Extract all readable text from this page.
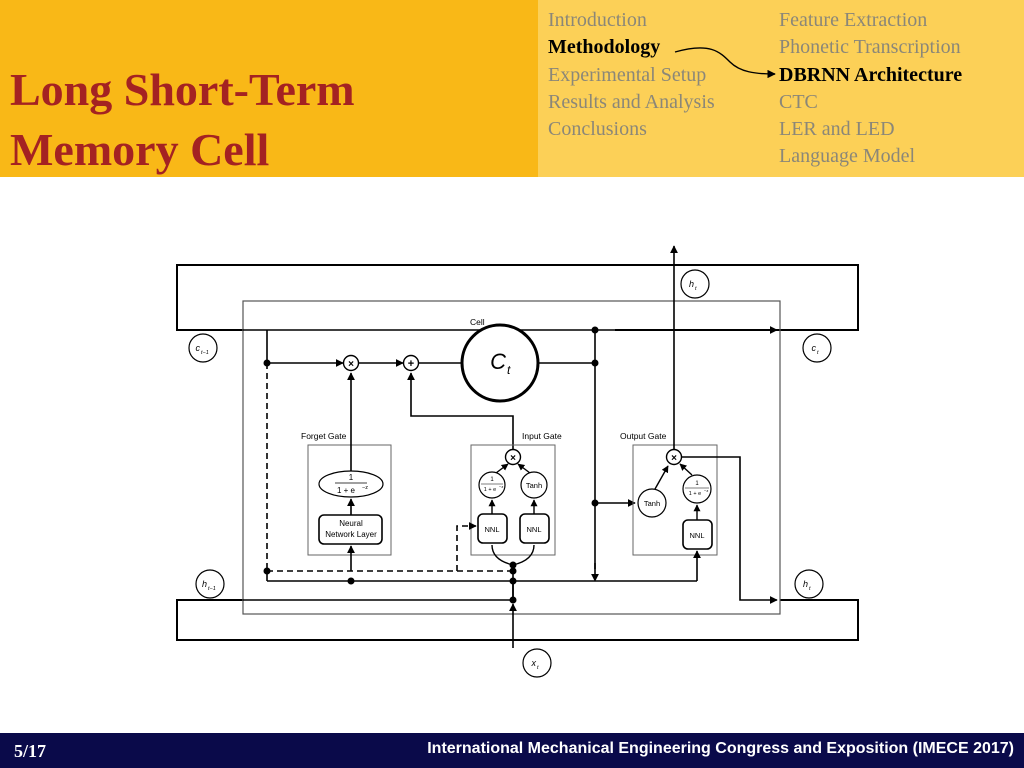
Long Short-Term
Memory Cell
Introduction
Methodology
Experimental Setup
Results and Analysis
Conclusions
Feature Extraction
Phonetic Transcription
DBRNN Architecture
CTC
LER and LED
Language Model
Forget Gate
1
1 + e −z
Neural
Network Layer
×	+
Cell
C t
Input Gate
×
1
1 + e
−z	Tanh
NNL	NNL
Output Gate
×
Tanh
1
1 + e
−z
NNL
c t−1	c t
h t−1	h t
h t
x t
5/17	International Mechanical Engineering Congress and Exposition (IMECE 2017)
